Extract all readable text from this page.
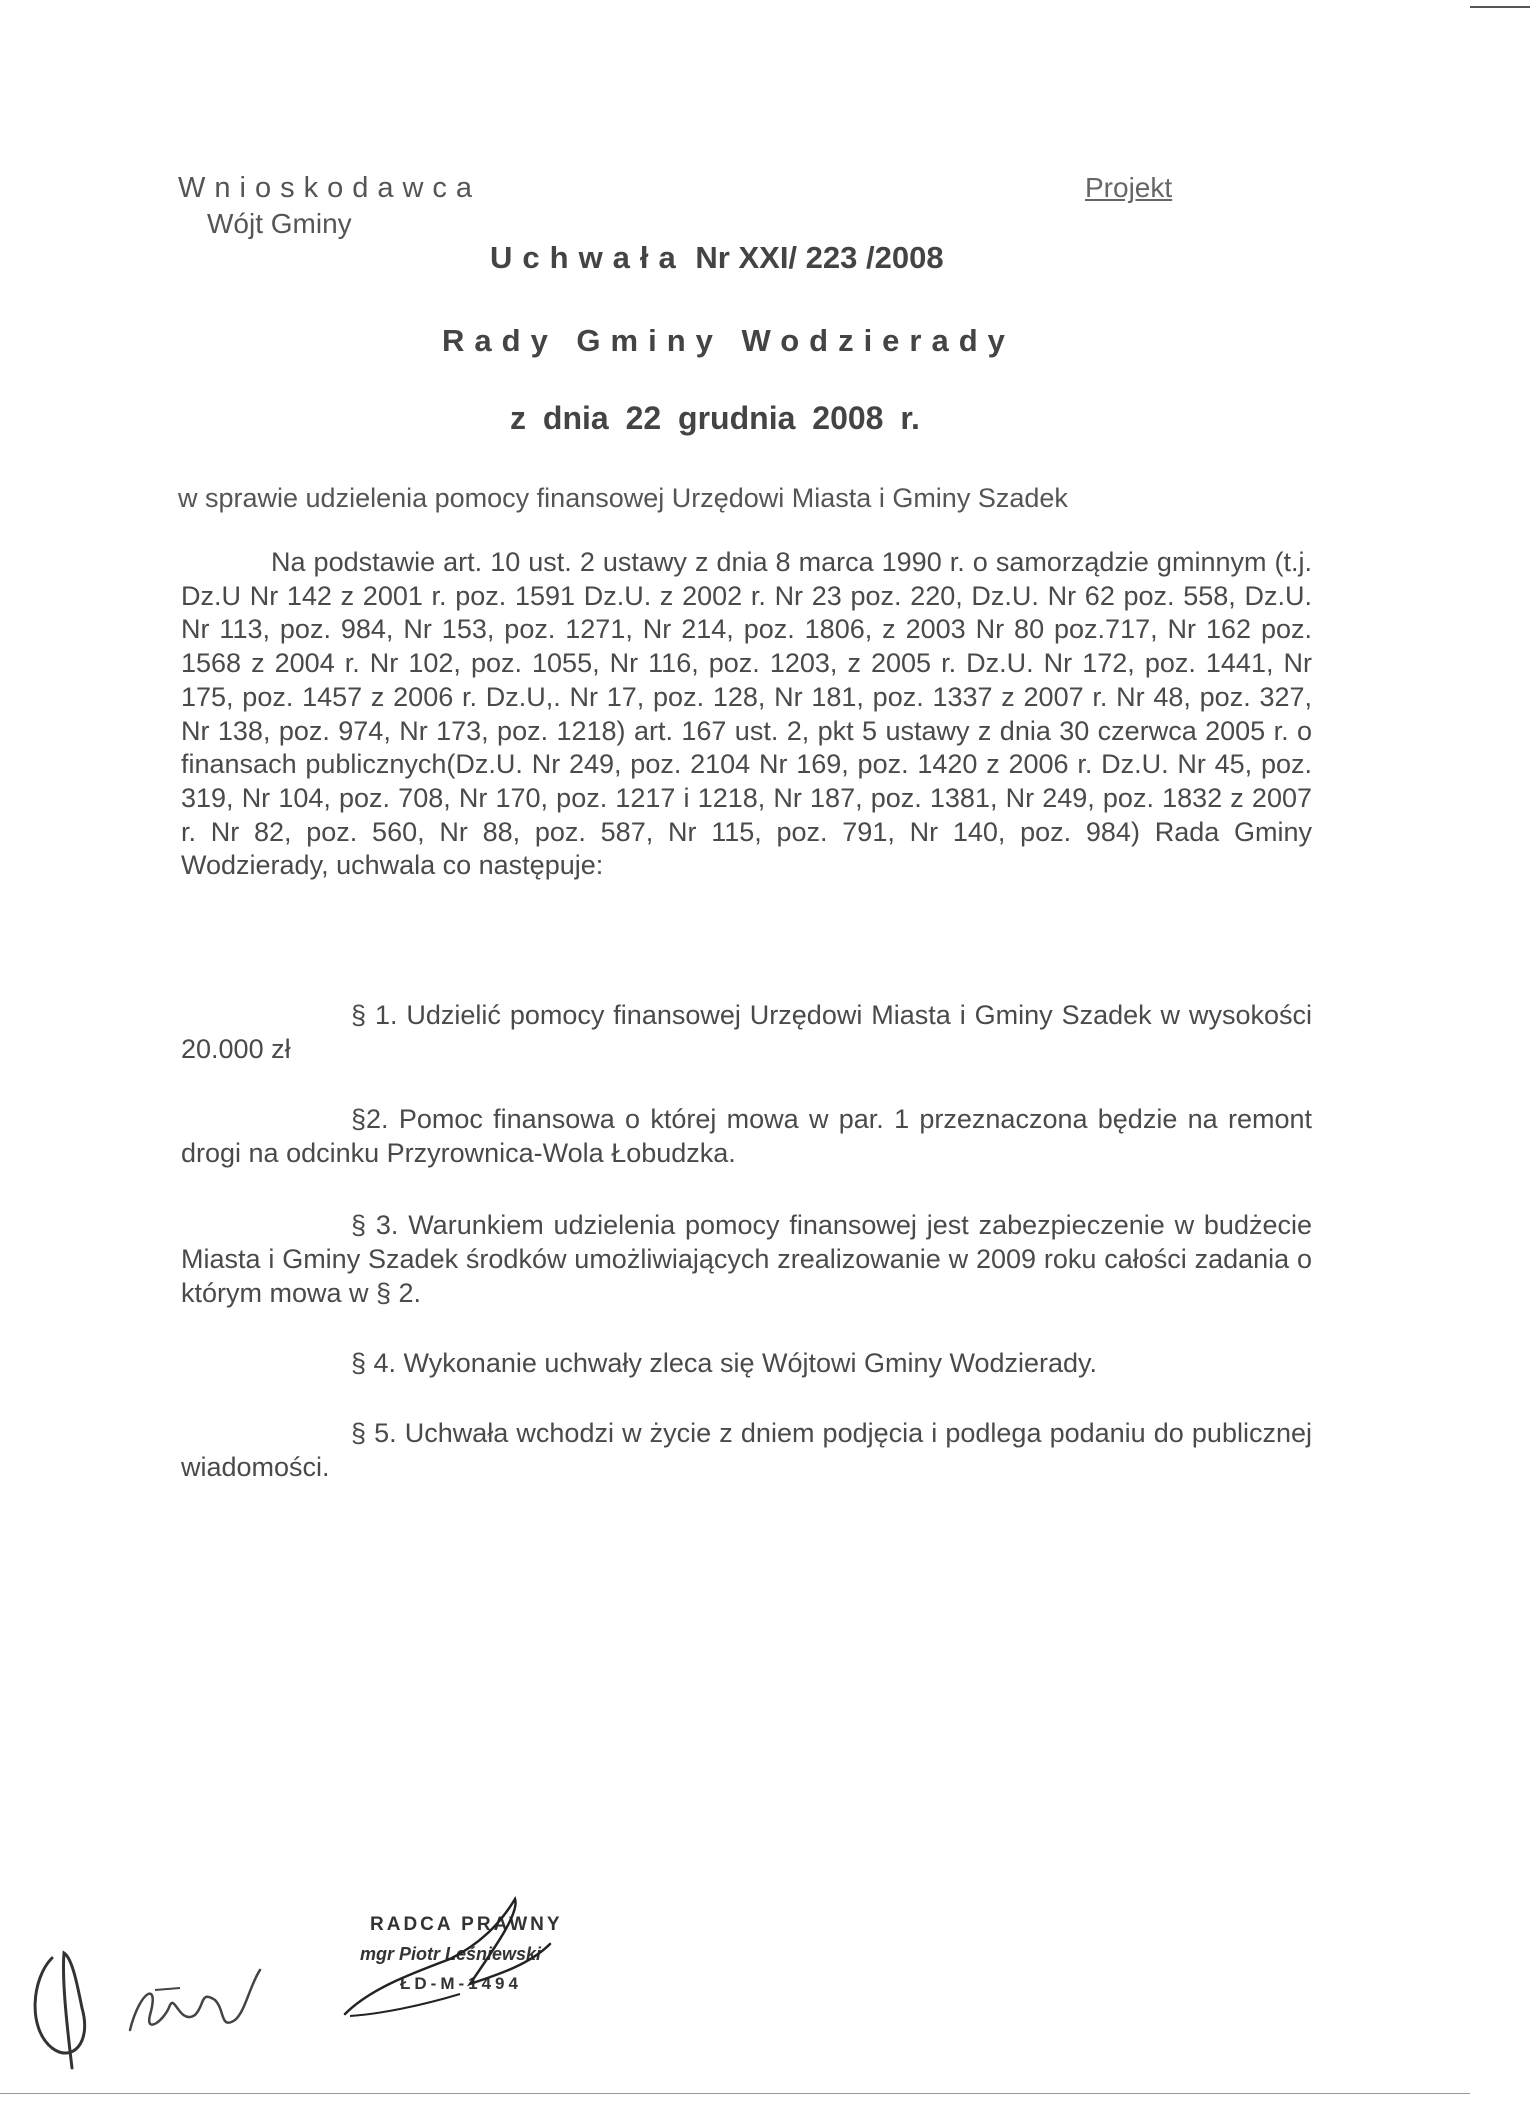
Wnioskodawca
Wójt Gminy
Projekt
Uchwała Nr XXI/ 223 /2008
Rady Gminy Wodzierady
z dnia 22 grudnia 2008 r.
w sprawie udzielenia pomocy finansowej Urzędowi Miasta i Gminy Szadek
Na podstawie art. 10 ust. 2 ustawy z dnia 8 marca 1990 r. o samorządzie gminnym (t.j. Dz.U Nr 142 z 2001 r. poz. 1591 Dz.U. z 2002 r. Nr 23 poz. 220, Dz.U. Nr 62 poz. 558, Dz.U. Nr 113, poz. 984, Nr 153, poz. 1271, Nr 214, poz. 1806, z 2003 Nr 80 poz.717, Nr 162 poz. 1568 z 2004 r. Nr 102, poz. 1055, Nr 116, poz. 1203, z 2005 r. Dz.U. Nr 172, poz. 1441, Nr 175, poz. 1457 z 2006 r. Dz.U,. Nr 17, poz. 128, Nr 181, poz. 1337 z 2007 r. Nr 48, poz. 327, Nr 138, poz. 974, Nr 173, poz. 1218) art. 167 ust. 2, pkt 5 ustawy z dnia 30 czerwca 2005 r. o finansach publicznych(Dz.U. Nr 249, poz. 2104 Nr 169, poz. 1420 z 2006 r. Dz.U. Nr 45, poz. 319, Nr 104, poz. 708, Nr 170, poz. 1217 i 1218, Nr 187, poz. 1381, Nr 249, poz. 1832 z 2007 r. Nr 82, poz. 560, Nr 88, poz. 587, Nr 115, poz. 791, Nr 140, poz. 984) Rada Gminy Wodzierady, uchwala co następuje:
§ 1. Udzielić pomocy finansowej Urzędowi Miasta i Gminy Szadek w wysokości 20.000 zł
§2. Pomoc finansowa o której mowa w par. 1 przeznaczona będzie na remont drogi na odcinku Przyrownica-Wola Łobudzka.
§ 3. Warunkiem udzielenia pomocy finansowej jest zabezpieczenie w budżecie Miasta i Gminy Szadek środków umożliwiających zrealizowanie w 2009 roku całości zadania o którym mowa w § 2.
§ 4. Wykonanie uchwały zleca się Wójtowi Gminy Wodzierady.
§ 5. Uchwała wchodzi w życie z dniem podjęcia i podlega podaniu do publicznej wiadomości.
RADCA PRAWNY
mgr Piotr Leśniewski
ŁD-M-1494
